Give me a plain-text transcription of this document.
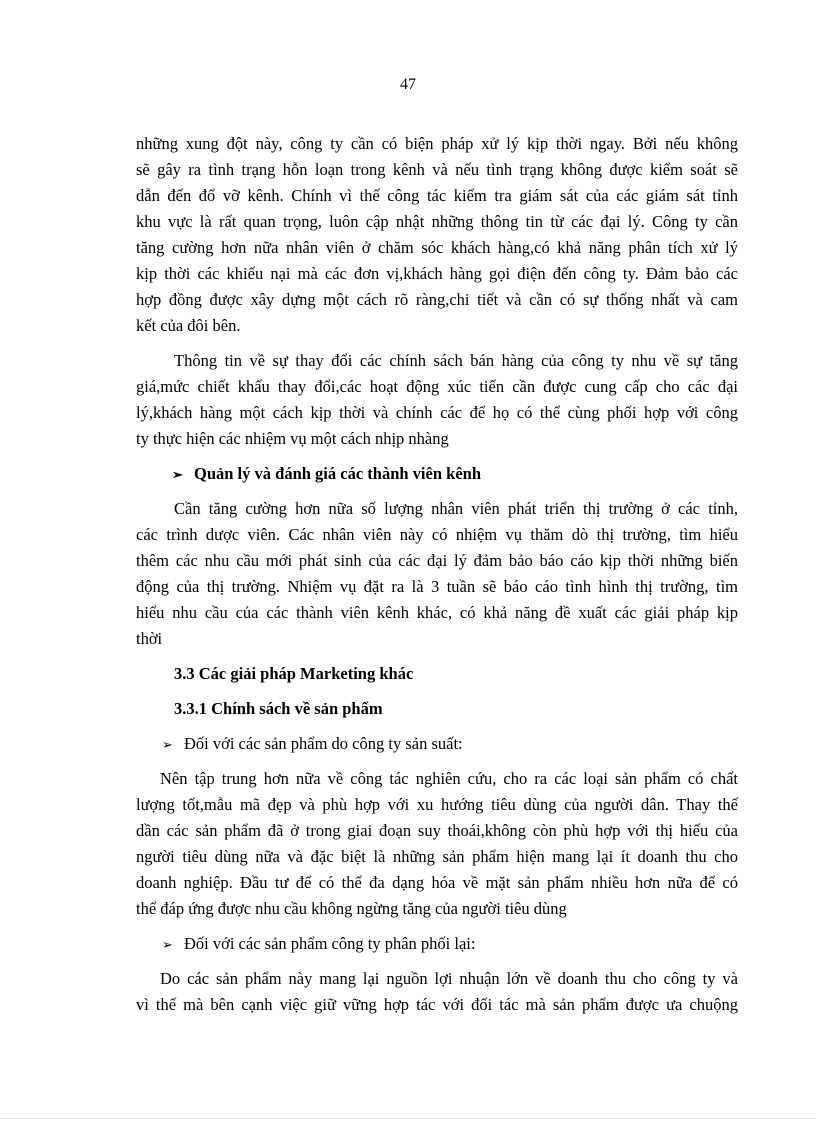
47
những xung đột này, công ty cần có biện pháp xử lý kịp thời ngay. Bởi nếu không
sẽ gây ra tình trạng hỗn loạn trong kênh và nếu tình trạng không được kiểm soát sẽ
dẫn đến đổ vỡ kênh. Chính vì thế công tác kiểm tra giám sát của các giám sát tỉnh
khu vực là rất quan trọng, luôn cập nhật những thông tin từ các đại lý. Công ty cần
tăng cường hơn nữa nhân viên ở chăm sóc khách hàng,có khả năng phân tích xử lý
kịp thời các khiếu nại mà các đơn vị,khách hàng gọi điện đến công ty. Đảm bảo các
hợp đồng được xây dựng một cách rõ ràng,chi tiết và cần có sự thống nhất và cam
kết của đôi bên.
Thông tin về sự thay đổi các chính sách bán hàng của công ty nhu về sự tăng
giá,mức chiết khấu thay đổi,các hoạt động xúc tiến cần được cung cấp cho các đại
lý,khách hàng một cách kịp thời và chính các để họ có thể cùng phối hợp với công
ty thực hiện các nhiệm vụ một cách nhịp nhàng
➢ Quản lý và đánh giá các thành viên kênh
Cần tăng cường hơn nữa số lượng nhân viên phát triển thị trường ở các tỉnh,
các trình dược viên. Các nhân viên này có nhiệm vụ thăm dò thị trường, tìm hiểu
thêm các nhu cầu mới phát sinh của các đại lý đảm bảo báo cáo kịp thời những biến
động của thị trường. Nhiệm vụ đặt ra là 3 tuần sẽ báo cáo tình hình thị trường, tìm
hiểu nhu cầu của các thành viên kênh khác, có khả năng đề xuất các giải pháp kịp
thời
3.3 Các giải pháp Marketing khác
3.3.1 Chính sách về sản phẩm
➢ Đối với các sản phẩm do công ty sản suất:
Nên tập trung hơn nữa về công tác nghiên cứu, cho ra các loại sản phẩm có chất
lượng tốt,mẫu mã đẹp và phù hợp với xu hướng tiêu dùng của người dân. Thay thế
dần các sản phẩm đã ở trong giai đoạn suy thoái,không còn phù hợp với thị hiếu của
người tiêu dùng nữa và đặc biệt là những sản phẩm hiện mang lại ít doanh thu cho
doanh nghiệp. Đầu tư để có thể đa dạng hóa về mặt sản phẩm nhiều hơn nữa để có
thể đáp ứng được nhu cầu không ngừng tăng của người tiêu dùng
➢ Đối với các sản phẩm công ty phân phối lại:
Do các sản phẩm này mang lại nguồn lợi nhuận lớn về doanh thu cho công ty và
vì thế mà bên cạnh việc giữ vững hợp tác với đối tác mà sản phẩm được ưa chuộng
